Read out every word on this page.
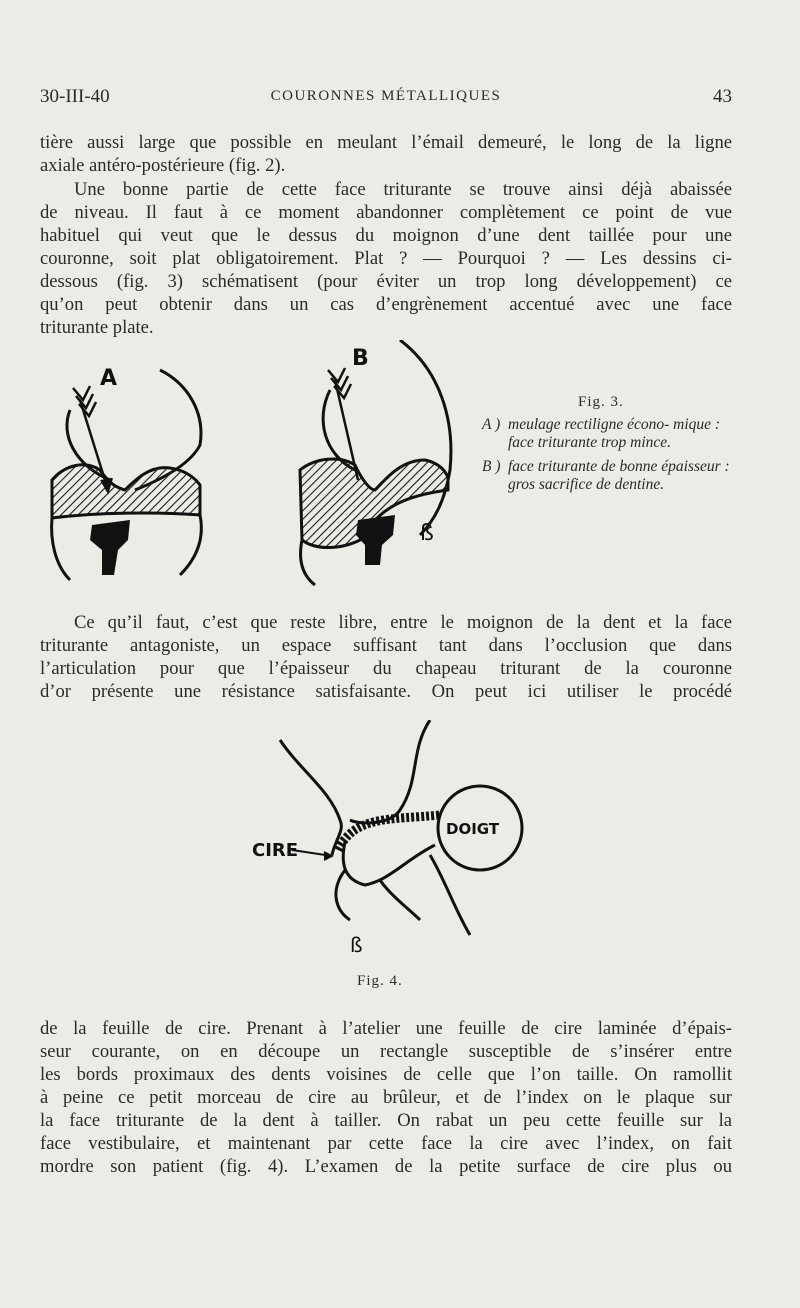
30-III-40	COURONNES MÉTALLIQUES	43
tière aussi large que possible en meulant l’émail demeuré, le long de la ligne
axiale antéro-postérieure (fig. 2).
Une bonne partie de cette face triturante se trouve ainsi déjà abaissée
de niveau. Il faut à ce moment abandonner complètement ce point de vue
habituel qui veut que le dessus du moignon d’une dent taillée pour une
couronne, soit plat obligatoirement. Plat ? — Pourquoi ? — Les dessins ci-
dessous (fig. 3) schématisent (pour éviter un trop long développement) ce
qu’on peut obtenir dans un cas d’engrènement accentué avec une face
triturante plate.
A
B
ß
Fig. 3.
A ) meulage rectiligne écono- mique : face triturante trop mince.
B ) face triturante de bonne épaisseur : gros sacrifice de dentine.
Ce qu’il faut, c’est que reste libre, entre le moignon de la dent et la face
triturante antagoniste, un espace suffisant tant dans l’occlusion que dans
l’articulation pour que l’épaisseur du chapeau triturant de la couronne
d’or présente une résistance satisfaisante. On peut ici utiliser le procédé
CIRE
DOIGT
ß
Fig. 4.
de la feuille de cire. Prenant à l’atelier une feuille de cire laminée d’épais-
seur courante, on en découpe un rectangle susceptible de s’insérer entre
les bords proximaux des dents voisines de celle que l’on taille. On ramollit
à peine ce petit morceau de cire au brûleur, et de l’index on le plaque sur
la face triturante de la dent à tailler. On rabat un peu cette feuille sur la
face vestibulaire, et maintenant par cette face la cire avec l’index, on fait
mordre son patient (fig. 4). L’examen de la petite surface de cire plus ou
